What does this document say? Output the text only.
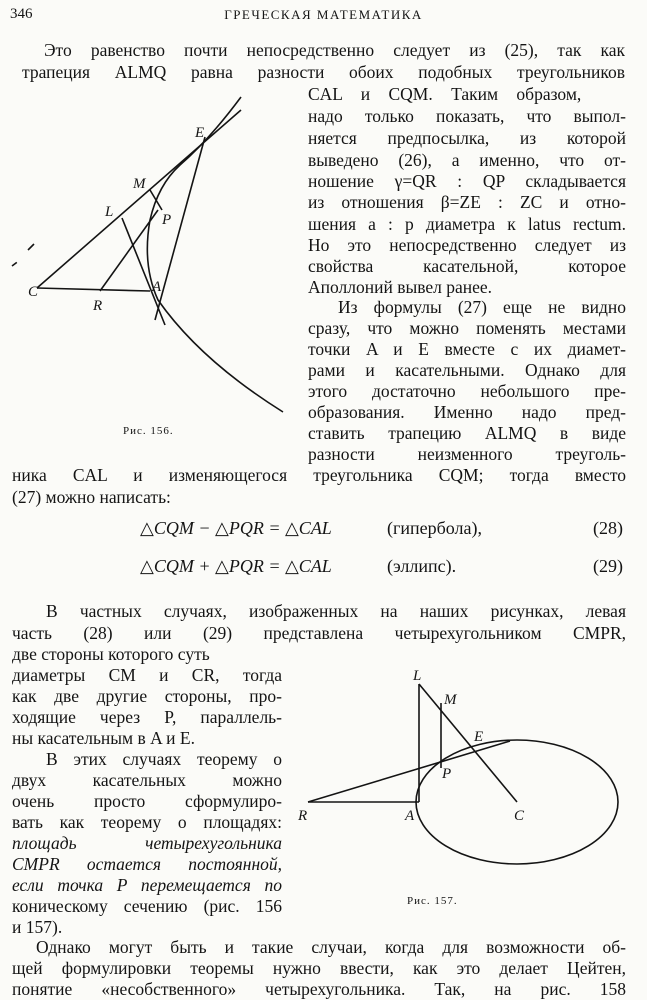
346	ГРЕЧЕСКАЯ МАТЕМАТИКА

Это равенство почти непосредственно следует из (25), так как

трапеция ALMQ равна разности обоих подобных треугольников

CAL и CQM. Таким образом,

надо только показать, что выпол-

няется предпосылка, из которой

выведено (26), а именно, что от-

ношение γ=QR : QP складывается

из отношения β=ZE : ZC и отно-

шения a : p диаметра к latus rectum.

Но это непосредственно следует из

свойства касательной, которое

Аполлоний вывел ранее.

Из формулы (27) еще не видно

сразу, что можно поменять местами

точки A и E вместе с их диамет-

рами и касательными. Однако для

этого достаточно небольшого пре-

образования. Именно надо пред-

ставить трапецию ALMQ в виде

разности неизменного треуголь-

ника CAL и изменяющегося треугольника CQM; тогда вместо

(27) можно написать:

△CQM − △PQR = △CAL	(гипербола),	(28)
△CQM + △PQR = △CAL	(эллипс).	(29)

В частных случаях, изображенных на наших рисунках, левая

часть (28) или (29) представлена четырехугольником CMPR,

две стороны которого суть

диаметры CM и CR, тогда

как две другие стороны, про-

ходящие через P, параллель-

ны касательным в A и E.

В этих случаях теорему о

двух касательных можно

очень просто сформулиро-

вать как теорему о площадях:

площадь четырехугольника

CMPR остается постоянной,

если точка P перемещается по

коническому сечению (рис. 156

и 157).

Однако могут быть и такие случаи, когда для возможности об-

щей формулировки теоремы нужно ввести, как это делает Цейтен,

понятие «несобственного» четырехугольника. Так, на рис. 158

E
M
L	P
C
R
A
Рис. 156.
L
M
E
P
R	A	C
Рис. 157.
